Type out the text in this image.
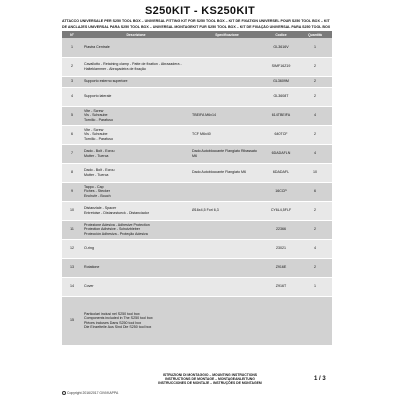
S250KIT - KS250KIT
ATTACCO UNIVERSALE PER S250 TOOL BOX – UNIVERSAL FITTING KIT FOR S250 TOOL BOX – KIT DE FIXATION UNIVERSEL POUR S250 TOOL BOX – KIT
DE ANCLAJES UNIVERSAL PARA S250 TOOL BOX – UNIVERSAL MONTAGEKIT FÜR S250 TOOL BOX – KIT DE FIXAÇÃO UNIVERSAL PARA S250 TOOL BOX
N°	Descrizione	Specificazione	Codice	Quantità
1	Piastra Centrale		GL3616V	1
2	Cavallotto - Retaining clamp - Patte de fixation - Abrazadera - Halteklammer - Abraçadeira de fixação		SIMF16Z19	2
3	Supporto esterno superiore		GL3609M	2
4	Supporto laterale		GL3608T	2
5	Vite - Screw
Vis - Schraube
Tornillo - Parafuso	TBEIFA M6x14	614TBEIFA	4
6	Vite - Screw
Vis - Schraube
Tornillo - Parafuso	TCF M6x40	640TCF	2
7	Dado - Bolt - Ecrou
Mutter - Tuerca	Dado Autobloccante Flangiato Ribassato M6	6DADAFLN	4
8	Dado - Bolt - Ecrou
Mutter - Tuerca	Dado Autobloccante Flangiato M6	6DADAFL	10
9	Tappo - Cap
Fiches - Stecker
Enchufe - Bouch		16CCP	6
10	Distanziale - Spacer
Entretoise - Distanzstueck - Distanciador	Ø16x4,5 Fori 6,3	CY6L4,5FLF	2
11	Protezione Adesiva - Adhesive Protection
Protection Adhésive - Schutzbleber
Protección Adhesiva - Proteção Adesiva		22366	2
12	O-ring		23021	4
13	Rotatione		Z916E	2
14	Cover		Z916T	1
15	Particolari inclusi nel S250 tool box
Components included in The S250 tool box
Pièces incluses Dans S250 tool box
Die Einzelteile Aus Sind Die S250 tool box			
ISTRUZIONI DI MONTAGGIO – MOUNTING INSTRUCTIONS
INSTRUCTIONS DE MONTAGE – MONTAGEANLEITUNG
INSTRUCCIONES DE MONTAJE – INSTRUÇÕES DE MONTAGEM
Copyright 2016/2017 GIVI/KAPPA
1 / 3
